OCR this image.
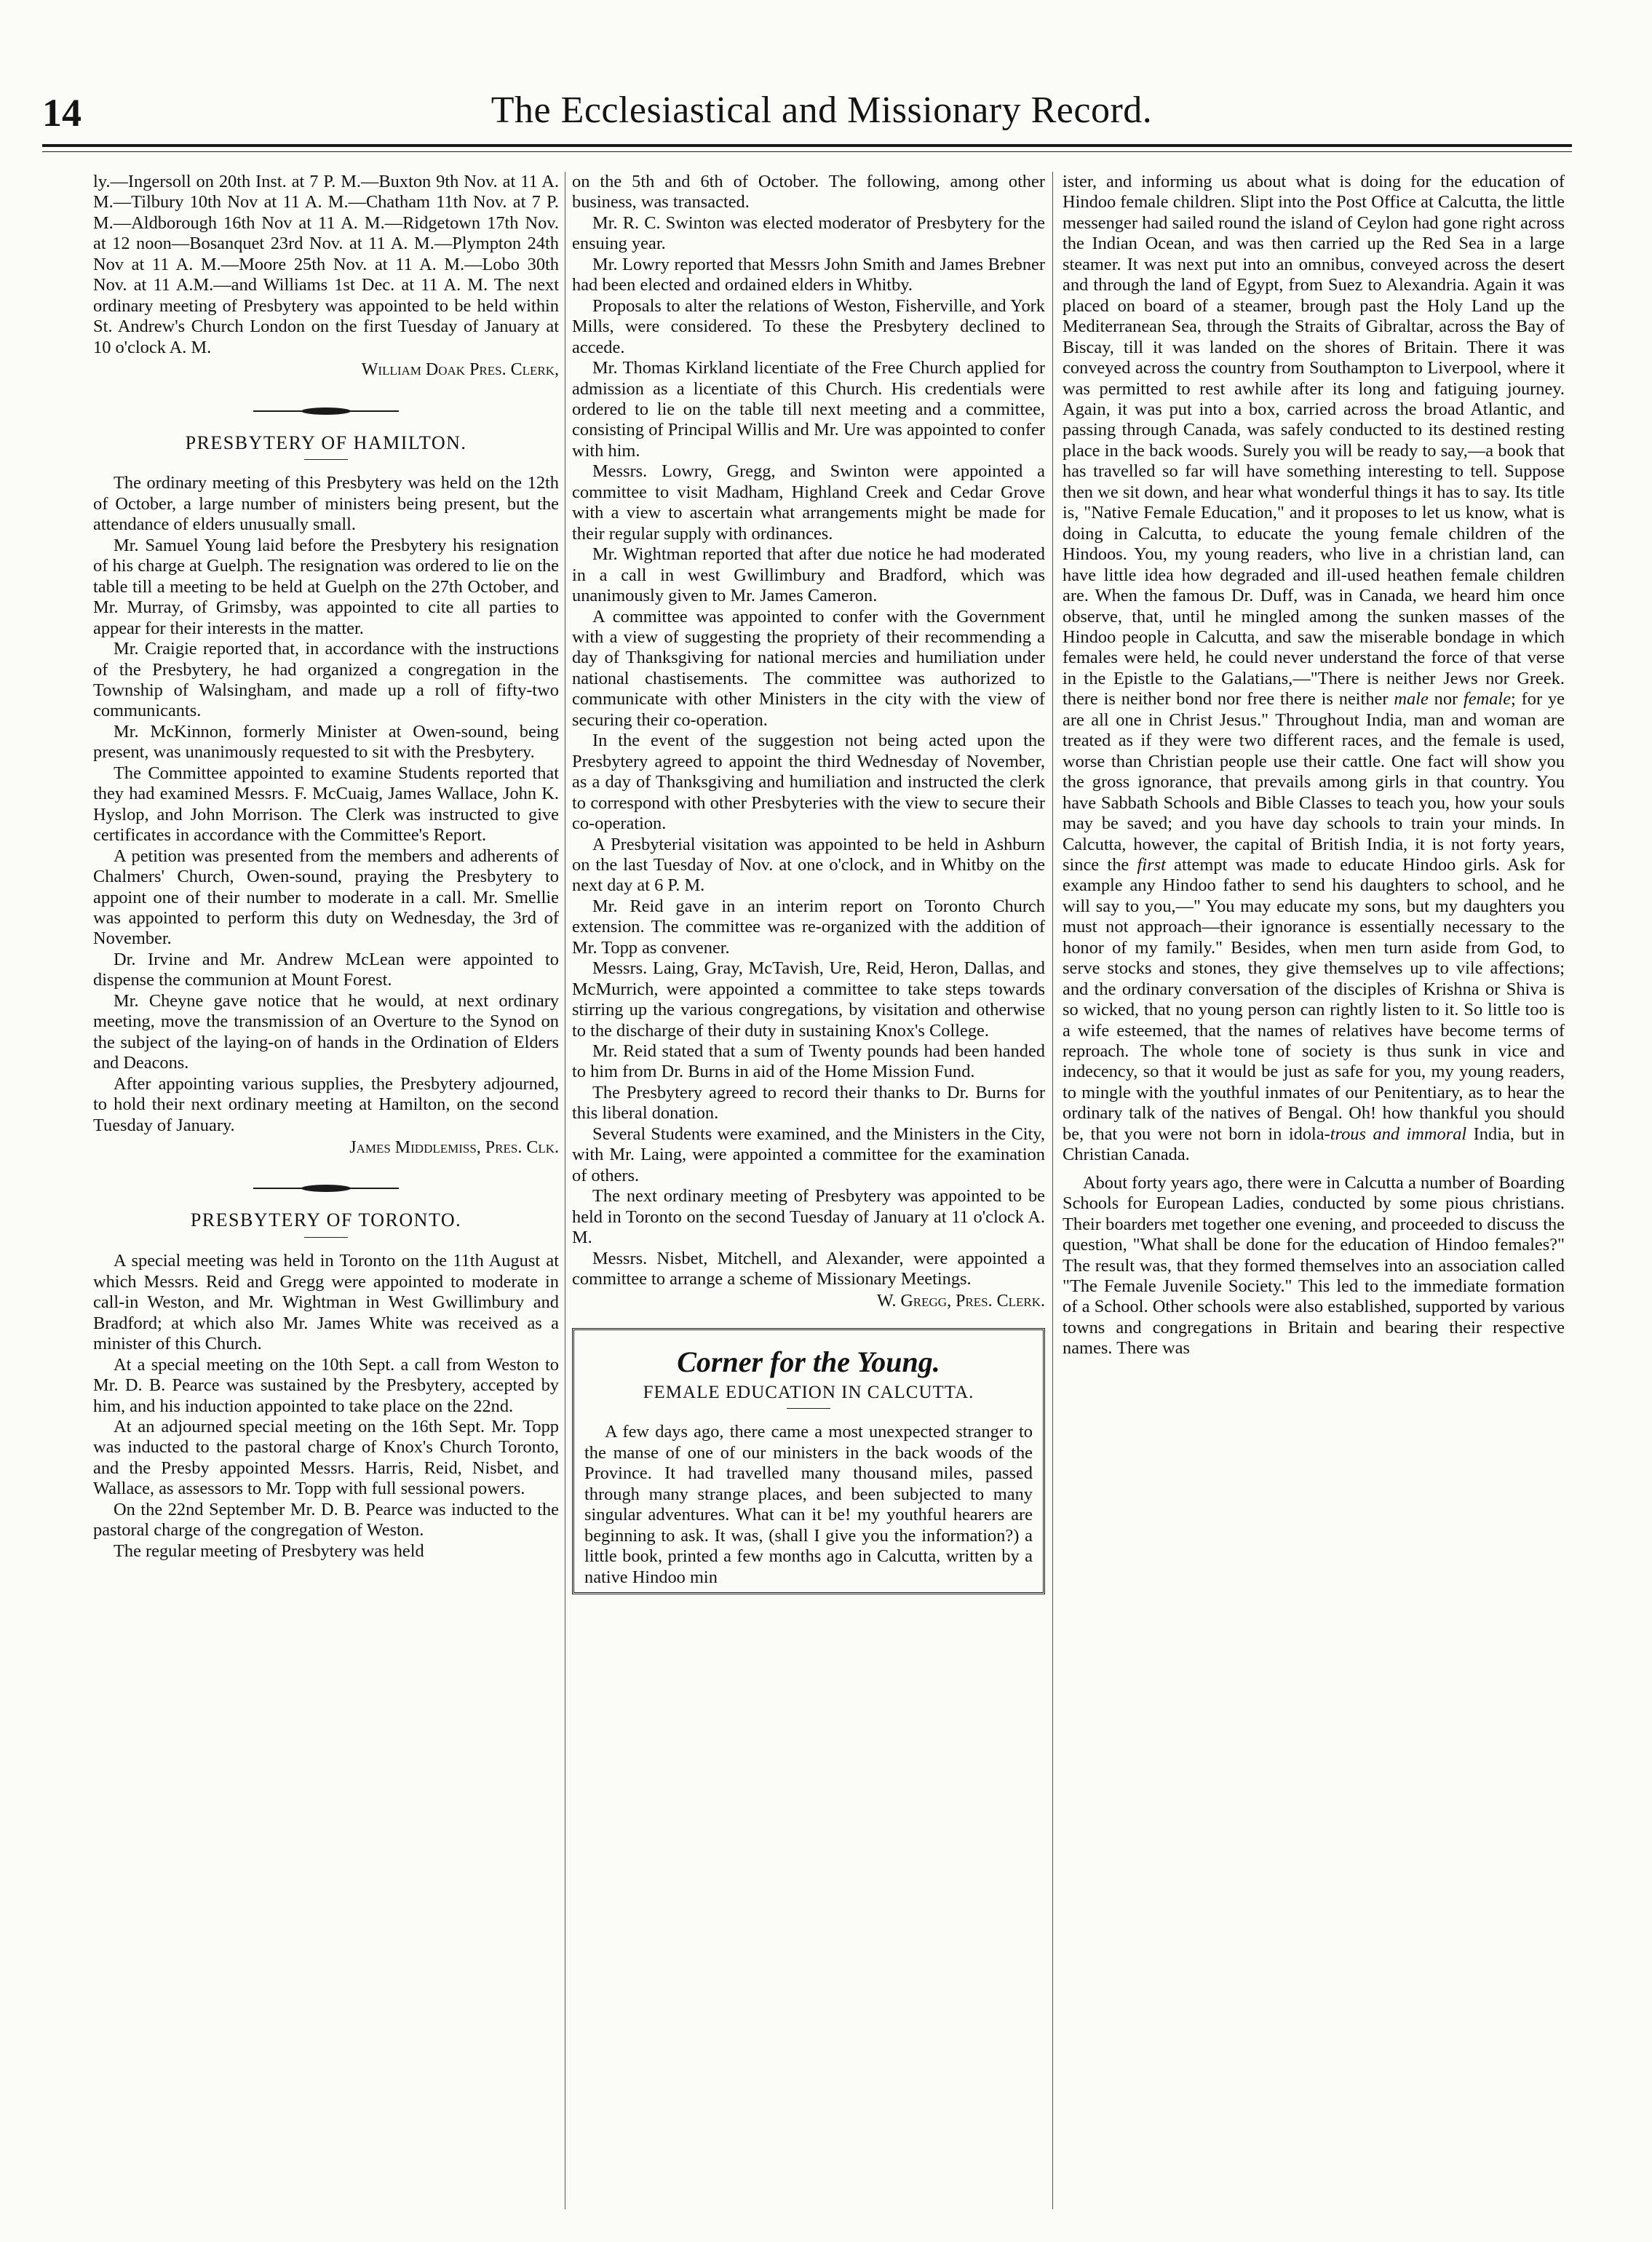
14	The Ecclesiastical and Missionary Record.

ly.—Ingersoll on 20th Inst. at 7 P. M.—Buxton 9th Nov. at 11 A. M.—Tilbury 10th Nov at 11 A. M.—Chatham 11th Nov. at 7 P. M.—Aldborough 16th Nov at 11 A. M.—Ridgetown 17th Nov. at 12 noon—Bosanquet 23rd Nov. at 11 A. M.—Plympton 24th Nov at 11 A. M.—Moore 25th Nov. at 11 A. M.—Lobo 30th Nov. at 11 A.M.—and Williams 1st Dec. at 11 A. M. The next ordinary meeting of Presbytery was appointed to be held within St. Andrew's Church London on the first Tuesday of January at 10 o'clock A. M.

William Doak Pres. Clerk,

PRESBYTERY OF HAMILTON.

The ordinary meeting of this Presbytery was held on the 12th of October, a large number of ministers being present, but the attendance of elders unusually small.

Mr. Samuel Young laid before the Presbytery his resignation of his charge at Guelph. The resignation was ordered to lie on the table till a meeting to be held at Guelph on the 27th October, and Mr. Murray, of Grimsby, was appointed to cite all parties to appear for their interests in the matter.

Mr. Craigie reported that, in accordance with the instructions of the Presbytery, he had organized a congregation in the Township of Walsingham, and made up a roll of fifty-two communicants.

Mr. McKinnon, formerly Minister at Owen-sound, being present, was unanimously requested to sit with the Presbytery.

The Committee appointed to examine Students reported that they had examined Messrs. F. McCuaig, James Wallace, John K. Hyslop, and John Morrison. The Clerk was instructed to give certificates in accordance with the Committee's Report.

A petition was presented from the members and adherents of Chalmers' Church, Owen-sound, praying the Presbytery to appoint one of their number to moderate in a call. Mr. Smellie was appointed to perform this duty on Wednesday, the 3rd of November.

Dr. Irvine and Mr. Andrew McLean were appointed to dispense the communion at Mount Forest.

Mr. Cheyne gave notice that he would, at next ordinary meeting, move the transmission of an Overture to the Synod on the subject of the laying-on of hands in the Ordination of Elders and Deacons.

After appointing various supplies, the Presbytery adjourned, to hold their next ordinary meeting at Hamilton, on the second Tuesday of January.

James Middlemiss, Pres. Clk.

PRESBYTERY OF TORONTO.

A special meeting was held in Toronto on the 11th August at which Messrs. Reid and Gregg were appointed to moderate in call-in Weston, and Mr. Wightman in West Gwillimbury and Bradford; at which also Mr. James White was received as a minister of this Church.

At a special meeting on the 10th Sept. a call from Weston to Mr. D. B. Pearce was sustained by the Presbytery, accepted by him, and his induction appointed to take place on the 22nd.

At an adjourned special meeting on the 16th Sept. Mr. Topp was inducted to the pastoral charge of Knox's Church Toronto, and the Presby appointed Messrs. Harris, Reid, Nisbet, and Wallace, as assessors to Mr. Topp with full sessional powers.

On the 22nd September Mr. D. B. Pearce was inducted to the pastoral charge of the congregation of Weston.

The regular meeting of Presbytery was held

on the 5th and 6th of October. The following, among other business, was transacted.

Mr. R. C. Swinton was elected moderator of Presbytery for the ensuing year.

Mr. Lowry reported that Messrs John Smith and James Brebner had been elected and ordained elders in Whitby.

Proposals to alter the relations of Weston, Fisherville, and York Mills, were considered. To these the Presbytery declined to accede.

Mr. Thomas Kirkland licentiate of the Free Church applied for admission as a licentiate of this Church. His credentials were ordered to lie on the table till next meeting and a committee, consisting of Principal Willis and Mr. Ure was appointed to confer with him.

Messrs. Lowry, Gregg, and Swinton were appointed a committee to visit Madham, Highland Creek and Cedar Grove with a view to ascertain what arrangements might be made for their regular supply with ordinances.

Mr. Wightman reported that after due notice he had moderated in a call in west Gwillimbury and Bradford, which was unanimously given to Mr. James Cameron.

A committee was appointed to confer with the Government with a view of suggesting the propriety of their recommending a day of Thanksgiving for national mercies and humiliation under national chastisements. The committee was authorized to communicate with other Ministers in the city with the view of securing their co-operation.

In the event of the suggestion not being acted upon the Presbytery agreed to appoint the third Wednesday of November, as a day of Thanksgiving and humiliation and instructed the clerk to correspond with other Presbyteries with the view to secure their co-operation.

A Presbyterial visitation was appointed to be held in Ashburn on the last Tuesday of Nov. at one o'clock, and in Whitby on the next day at 6 P. M.

Mr. Reid gave in an interim report on Toronto Church extension. The committee was re-organized with the addition of Mr. Topp as convener.

Messrs. Laing, Gray, McTavish, Ure, Reid, Heron, Dallas, and McMurrich, were appointed a committee to take steps towards stirring up the various congregations, by visitation and otherwise to the discharge of their duty in sustaining Knox's College.

Mr. Reid stated that a sum of Twenty pounds had been handed to him from Dr. Burns in aid of the Home Mission Fund.

The Presbytery agreed to record their thanks to Dr. Burns for this liberal donation.

Several Students were examined, and the Ministers in the City, with Mr. Laing, were appointed a committee for the examination of others.

The next ordinary meeting of Presbytery was appointed to be held in Toronto on the second Tuesday of January at 11 o'clock A. M.

Messrs. Nisbet, Mitchell, and Alexander, were appointed a committee to arrange a scheme of Missionary Meetings.

W. Gregg, Pres. Clerk.

Corner for the Young.
FEMALE EDUCATION IN CALCUTTA.

A few days ago, there came a most unexpected stranger to the manse of one of our ministers in the back woods of the Province. It had travelled many thousand miles, passed through many strange places, and been subjected to many singular adventures. What can it be! my youthful hearers are beginning to ask. It was, (shall I give you the information?) a little book, printed a few months ago in Calcutta, written by a native Hindoo min

ister, and informing us about what is doing for the education of Hindoo female children. Slipt into the Post Office at Calcutta, the little messenger had sailed round the island of Ceylon had gone right across the Indian Ocean, and was then carried up the Red Sea in a large steamer. It was next put into an omnibus, conveyed across the desert and through the land of Egypt, from Suez to Alexandria. Again it was placed on board of a steamer, brough past the Holy Land up the Mediterranean Sea, through the Straits of Gibraltar, across the Bay of Biscay, till it was landed on the shores of Britain. There it was conveyed across the country from Southampton to Liverpool, where it was permitted to rest awhile after its long and fatiguing journey. Again, it was put into a box, carried across the broad Atlantic, and passing through Canada, was safely conducted to its destined resting place in the back woods. Surely you will be ready to say,—a book that has travelled so far will have something interesting to tell. Suppose then we sit down, and hear what wonderful things it has to say. Its title is, "Native Female Education," and it proposes to let us know, what is doing in Calcutta, to educate the young female children of the Hindoos. You, my young readers, who live in a christian land, can have little idea how degraded and ill-used heathen female children are. When the famous Dr. Duff, was in Canada, we heard him once observe, that, until he mingled among the sunken masses of the Hindoo people in Calcutta, and saw the miserable bondage in which females were held, he could never understand the force of that verse in the Epistle to the Galatians,—"There is neither Jews nor Greek. there is neither bond nor free there is neither male nor female; for ye are all one in Christ Jesus." Throughout India, man and woman are treated as if they were two different races, and the female is used, worse than Christian people use their cattle. One fact will show you the gross ignorance, that prevails among girls in that country. You have Sabbath Schools and Bible Classes to teach you, how your souls may be saved; and you have day schools to train your minds. In Calcutta, however, the capital of British India, it is not forty years, since the first attempt was made to educate Hindoo girls. Ask for example any Hindoo father to send his daughters to school, and he will say to you,—" You may educate my sons, but my daughters you must not approach—their ignorance is essentially necessary to the honor of my family." Besides, when men turn aside from God, to serve stocks and stones, they give themselves up to vile affections; and the ordinary conversation of the disciples of Krishna or Shiva is so wicked, that no young person can rightly listen to it. So little too is a wife esteemed, that the names of relatives have become terms of reproach. The whole tone of society is thus sunk in vice and indecency, so that it would be just as safe for you, my young readers, to mingle with the youthful inmates of our Penitentiary, as to hear the ordinary talk of the natives of Bengal. Oh! how thankful you should be, that you were not born in idola-trous and immoral India, but in Christian Canada.

About forty years ago, there were in Calcutta a number of Boarding Schools for European Ladies, conducted by some pious christians. Their boarders met together one evening, and proceeded to discuss the question, "What shall be done for the education of Hindoo females?" The result was, that they formed themselves into an association called "The Female Juvenile Society." This led to the immediate formation of a School. Other schools were also established, supported by various towns and congregations in Britain and bearing their respective names. There was
